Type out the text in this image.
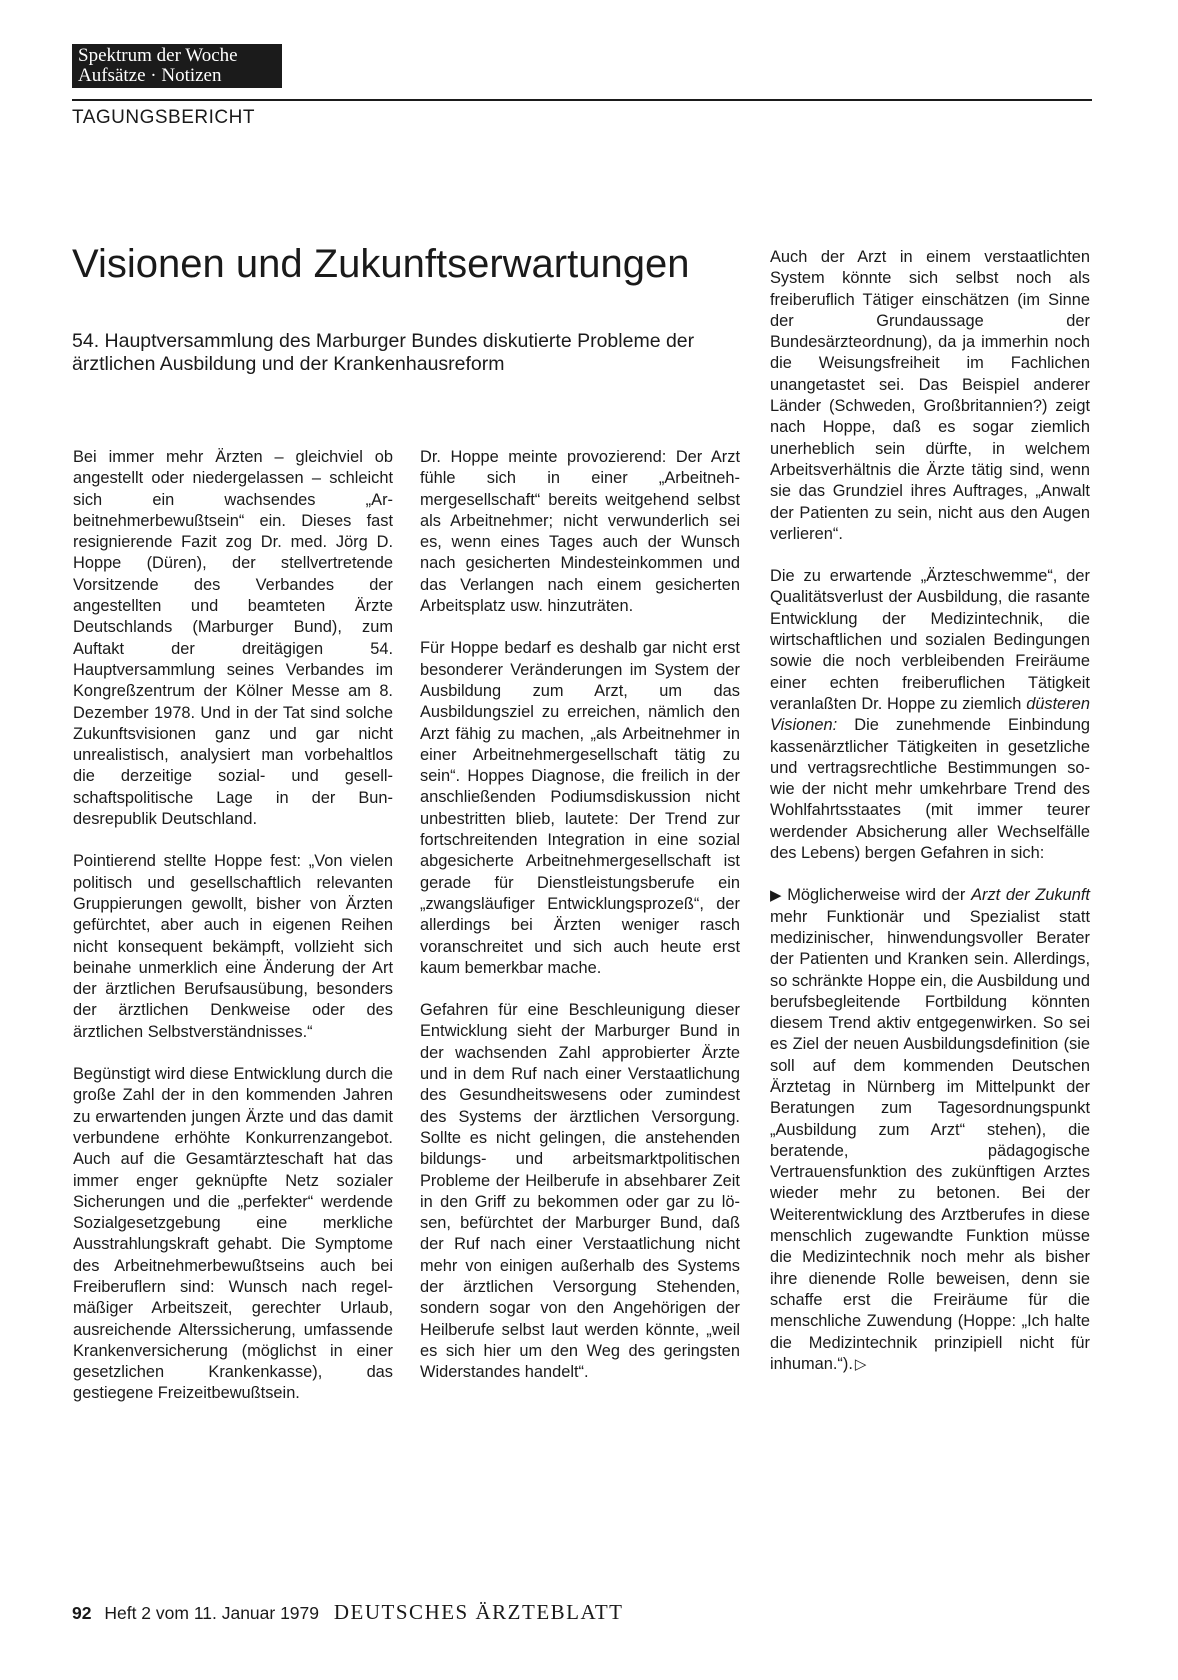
Spektrum der Woche
Aufsätze · Notizen
TAGUNGSBERICHT
Visionen und Zukunftserwartungen

54. Hauptversammlung des Marburger Bundes diskutierte Probleme der ärztlichen Ausbildung und der Krankenhausreform

Bei immer mehr Ärzten – gleichviel ob angestellt oder niedergelassen – schleicht sich ein wachsendes „Arbeitnehmerbewußtsein“ ein. Dieses fast resignierende Fazit zog Dr. med. Jörg D. Hoppe (Düren), der stellvertretende Vorsitzende des Verbandes der angestellten und beamteten Ärzte Deutschlands (Marburger Bund), zum Auftakt der dreitägigen 54. Hauptversammlung seines Verbandes im Kongreßzentrum der Kölner Messe am 8. Dezember 1978. Und in der Tat sind solche Zukunftsvisionen ganz und gar nicht unrealistisch, analysiert man vorbehaltlos die derzeitige sozial- und gesellschaftspolitische Lage in der Bundesrepublik Deutschland.

Pointierend stellte Hoppe fest: „Von vielen politisch und gesellschaftlich relevanten Gruppierungen gewollt, bisher von Ärzten gefürchtet, aber auch in eigenen Reihen nicht konsequent bekämpft, vollzieht sich beinahe unmerklich eine Änderung der Art der ärztlichen Berufsausübung, besonders der ärztlichen Denkweise oder des ärztlichen Selbstverständnisses.“

Begünstigt wird diese Entwicklung durch die große Zahl der in den kommenden Jahren zu erwartenden jungen Ärzte und das damit verbundene erhöhte Konkurrenzangebot. Auch auf die Gesamtärzteschaft hat das immer enger geknüpfte Netz sozialer Sicherungen und die „perfekter“ werdende Sozialgesetzgebung eine merkliche Ausstrahlungskraft gehabt. Die Symptome des Arbeitnehmerbewußtseins auch bei Freiberuflern sind: Wunsch nach regelmäßiger Arbeitszeit, gerechter Urlaub, ausreichende Alterssicherung, umfassende Krankenversicherung (möglichst in einer gesetzlichen Krankenkasse), das gestiegene Freizeitbewußtsein.

Dr. Hoppe meinte provozierend: Der Arzt fühle sich in einer „Arbeitnehmergesellschaft“ bereits weitgehend selbst als Arbeitnehmer; nicht verwunderlich sei es, wenn eines Tages auch der Wunsch nach gesicherten Mindesteinkommen und das Verlangen nach einem gesicherten Arbeitsplatz usw. hinzuträten.

Für Hoppe bedarf es deshalb gar nicht erst besonderer Veränderungen im System der Ausbildung zum Arzt, um das Ausbildungsziel zu erreichen, nämlich den Arzt fähig zu machen, „als Arbeitnehmer in einer Arbeitnehmergesellschaft tätig zu sein“. Hoppes Diagnose, die freilich in der anschließenden Podiumsdiskussion nicht unbestritten blieb, lautete: Der Trend zur fortschreitenden Integration in eine sozial abgesicherte Arbeitnehmergesellschaft ist gerade für Dienstleistungsberufe ein „zwangsläufiger Entwicklungsprozeß“, der allerdings bei Ärzten weniger rasch voranschreitet und sich auch heute erst kaum bemerkbar mache.

Gefahren für eine Beschleunigung dieser Entwicklung sieht der Marburger Bund in der wachsenden Zahl approbierter Ärzte und in dem Ruf nach einer Verstaatlichung des Gesundheitswesens oder zumindest des Systems der ärztlichen Versorgung. Sollte es nicht gelingen, die anstehenden bildungs- und arbeitsmarktpolitischen Probleme der Heilberufe in absehbarer Zeit in den Griff zu bekommen oder gar zu lösen, befürchtet der Marburger Bund, daß der Ruf nach einer Verstaatlichung nicht mehr von einigen außerhalb des Systems der ärztlichen Versorgung Stehenden, sondern sogar von den Angehörigen der Heilberufe selbst laut werden könnte, „weil es sich hier um den Weg des geringsten Widerstandes handelt“.

Auch der Arzt in einem verstaatlichten System könnte sich selbst noch als freiberuflich Tätiger einschätzen (im Sinne der Grundaussage der Bundesärzteordnung), da ja immerhin noch die Weisungsfreiheit im Fachlichen unangetastet sei. Das Beispiel anderer Länder (Schweden, Großbritannien?) zeigt nach Hoppe, daß es sogar ziemlich unerheblich sein dürfte, in welchem Arbeitsverhältnis die Ärzte tätig sind, wenn sie das Grundziel ihres Auftrages, „Anwalt der Patienten zu sein, nicht aus den Augen verlieren“.

Die zu erwartende „Ärzteschwemme“, der Qualitätsverlust der Ausbildung, die rasante Entwicklung der Medizintechnik, die wirtschaftlichen und sozialen Bedingungen sowie die noch verbleibenden Freiräume einer echten freiberuflichen Tätigkeit veranlaßten Dr. Hoppe zu ziemlich düsteren Visionen: Die zunehmende Einbindung kassenärztlicher Tätigkeiten in gesetzliche und vertragsrechtliche Bestimmungen sowie der nicht mehr umkehrbare Trend des Wohlfahrtsstaates (mit immer teurer werdender Absicherung aller Wechselfälle des Lebens) bergen Gefahren in sich:

▶ Möglicherweise wird der Arzt der Zukunft mehr Funktionär und Spezialist statt medizinischer, hinwendungsvoller Berater der Patienten und Kranken sein. Allerdings, so schränkte Hoppe ein, die Ausbildung und berufsbegleitende Fortbildung könnten diesem Trend aktiv entgegenwirken. So sei es Ziel der neuen Ausbildungsdefinition (sie soll auf dem kommenden Deutschen Ärztetag in Nürnberg im Mittelpunkt der Beratungen zum Tagesordnungspunkt „Ausbildung zum Arzt“ stehen), die beratende, pädagogische Vertrauensfunktion des zukünftigen Arztes wieder mehr zu betonen. Bei der Weiterentwicklung des Arztberufes in diese menschlich zugewandte Funktion müsse die Medizintechnik noch mehr als bisher ihre dienende Rolle beweisen, denn sie schaffe erst die Freiräume für die menschliche Zuwendung (Hoppe: „Ich halte die Medizintechnik prinzipiell nicht für inhuman.“). ▷

92 Heft 2 vom 11. Januar 1979 DEUTSCHES ÄRZTEBLATT
